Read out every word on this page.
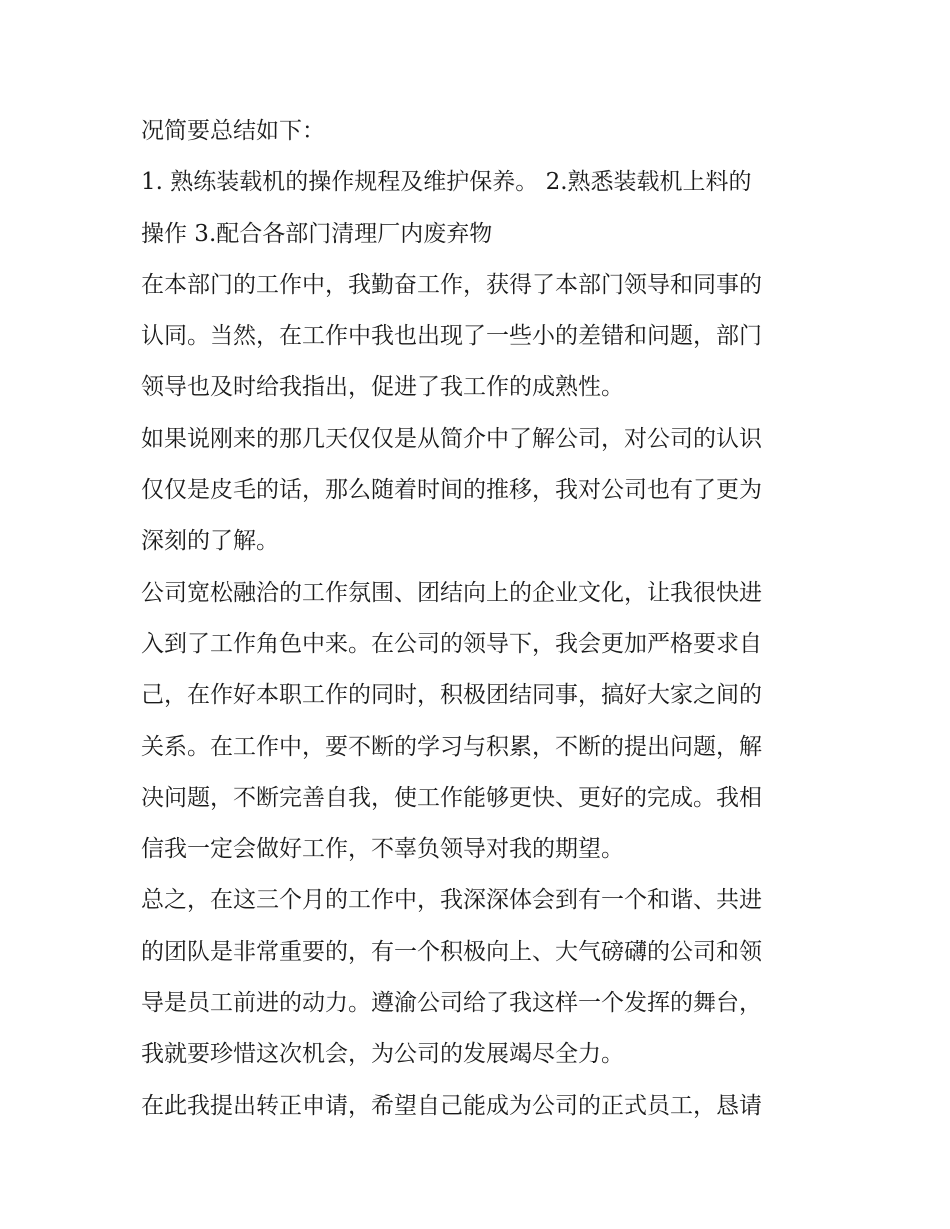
况简要总结如下：
1. 熟练装载机的操作规程及维护保养。 2.熟悉装载机上料的
操作 3.配合各部门清理厂内废弃物
在本部门的工作中，我勤奋工作，获得了本部门领导和同事的
认同。当然，在工作中我也出现了一些小的差错和问题，部门
领导也及时给我指出，促进了我工作的成熟性。
如果说刚来的那几天仅仅是从简介中了解公司，对公司的认识
仅仅是皮毛的话，那么随着时间的推移，我对公司也有了更为
深刻的了解。
公司宽松融洽的工作氛围、团结向上的企业文化，让我很快进
入到了工作角色中来。在公司的领导下，我会更加严格要求自
己，在作好本职工作的同时，积极团结同事，搞好大家之间的
关系。在工作中，要不断的学习与积累，不断的提出问题，解
决问题，不断完善自我，使工作能够更快、更好的完成。我相
信我一定会做好工作，不辜负领导对我的期望。
总之，在这三个月的工作中，我深深体会到有一个和谐、共进
的团队是非常重要的，有一个积极向上、大气磅礴的公司和领
导是员工前进的动力。遵渝公司给了我这样一个发挥的舞台，
我就要珍惜这次机会，为公司的发展竭尽全力。
在此我提出转正申请，希望自己能成为公司的正式员工，恳请
